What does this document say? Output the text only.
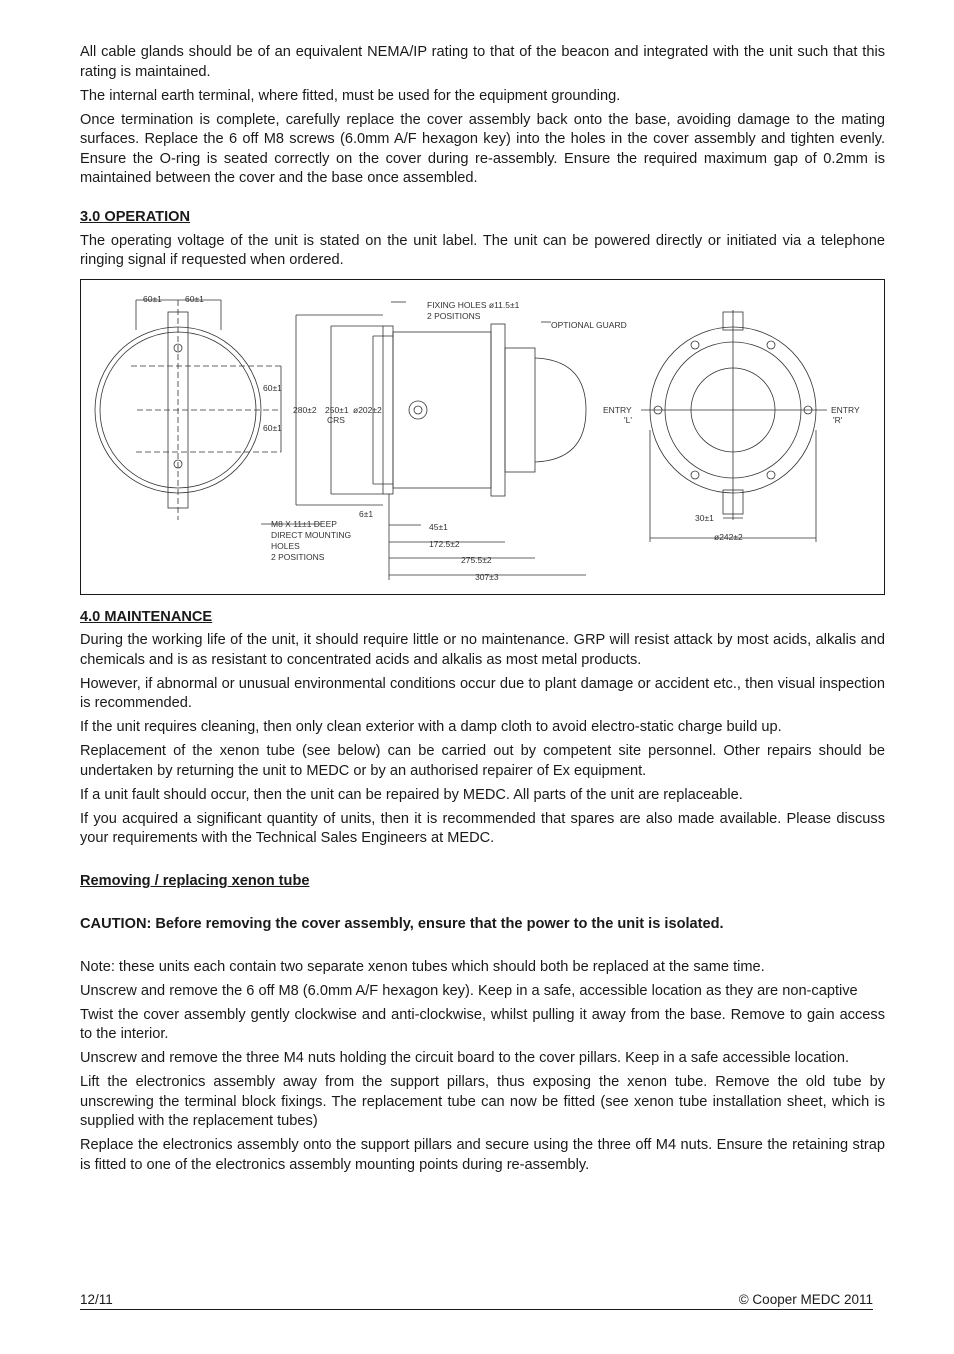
All cable glands should be of an equivalent NEMA/IP rating to that of the beacon and integrated with the unit such that this rating is maintained.

The internal earth terminal, where fitted, must be used for the equipment grounding.

Once termination is complete, carefully replace the cover assembly back onto the base, avoiding damage to the mating surfaces. Replace the 6 off M8 screws (6.0mm A/F hexagon key) into the holes in the cover assembly and tighten evenly. Ensure the O-ring is seated correctly on the cover during re-assembly. Ensure the required maximum gap of 0.2mm is maintained between the cover and the base once assembled.

3.0 OPERATION

The operating voltage of the unit is stated on the unit label. The unit can be powered directly or initiated via a telephone ringing signal if requested when ordered.

60±1	60±1
60±1
60±1
280±2 250±1
CRS
ø202±2
FIXING HOLES ø11.5±1
2 POSITIONS
OPTIONAL GUARD
M8 X 11±1 DEEP
DIRECT MOUNTING
HOLES
2 POSITIONS
6±1
45±1
172.5±2
275.5±2
307±3
ENTRY
'L'
ENTRY
'R'
30±1
ø242±2
4.0 MAINTENANCE

During the working life of the unit, it should require little or no maintenance. GRP will resist attack by most acids, alkalis and chemicals and is as resistant to concentrated acids and alkalis as most metal products.

However, if abnormal or unusual environmental conditions occur due to plant damage or accident etc., then visual inspection is recommended.

If the unit requires cleaning, then only clean exterior with a damp cloth to avoid electro-static charge build up.

Replacement of the xenon tube (see below) can be carried out by competent site personnel. Other repairs should be undertaken by returning the unit to MEDC or by an authorised repairer of Ex equipment.

If a unit fault should occur, then the unit can be repaired by MEDC. All parts of the unit are replaceable.

If you acquired a significant quantity of units, then it is recommended that spares are also made available. Please discuss your requirements with the Technical Sales Engineers at MEDC.

Removing / replacing xenon tube

CAUTION: Before removing the cover assembly, ensure that the power to the unit is isolated.

Note: these units each contain two separate xenon tubes which should both be replaced at the same time.

Unscrew and remove the 6 off M8 (6.0mm A/F hexagon key). Keep in a safe, accessible location as they are non-captive

Twist the cover assembly gently clockwise and anti-clockwise, whilst pulling it away from the base. Remove to gain access to the interior.

Unscrew and remove the three M4 nuts holding the circuit board to the cover pillars. Keep in a safe accessible location.

Lift the electronics assembly away from the support pillars, thus exposing the xenon tube. Remove the old tube by unscrewing the terminal block fixings. The replacement tube can now be fitted (see xenon tube installation sheet, which is supplied with the replacement tubes)

Replace the electronics assembly onto the support pillars and secure using the three off M4 nuts. Ensure the retaining strap is fitted to one of the electronics assembly mounting points during re-assembly.

12/11	© Cooper MEDC 2011
